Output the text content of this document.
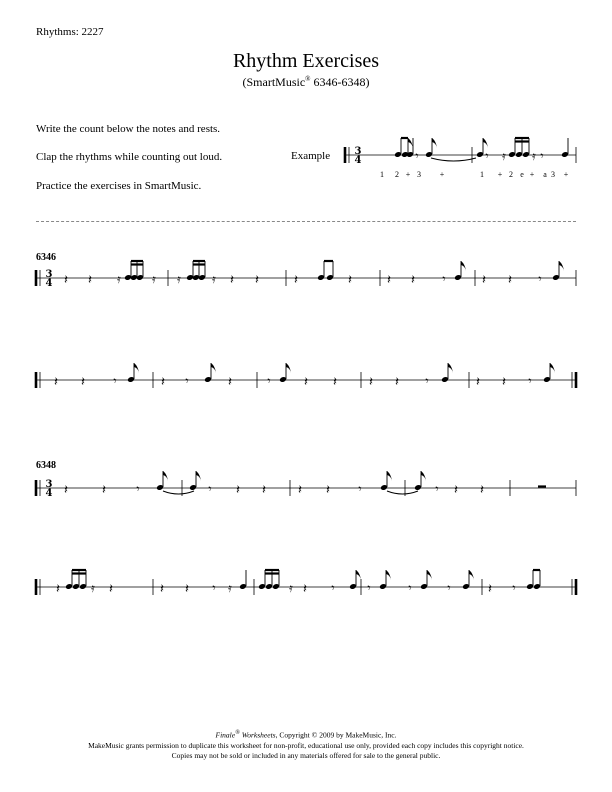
Rhythms: 2227
Rhythm Exercises
(SmartMusic® 6346-6348)
Write the count below the notes and rests.
Clap the rhythms while counting out loud.
Practice the exercises in SmartMusic.
Example
6346
6348
3
4	𝄾	𝄾 𝄿 𝄿 𝄾
1 2 + 3 +	1 + 2 e + a 3 +
3
4 𝄽 𝄽 𝄿	𝄿 𝄿	𝄿 𝄽 𝄽	𝄽	𝄽	𝄽 𝄽 𝄾	𝄽 𝄽 𝄾
𝄽 𝄽 𝄾	𝄽 𝄾	𝄽	𝄾	𝄽 𝄽 𝄽 𝄽 𝄾	𝄽 𝄽 𝄾
3
4 𝄽	𝄽	𝄾	𝄾 𝄽 𝄽 𝄽 𝄽 𝄾	𝄾 𝄽 𝄽
𝄽	𝄿 𝄽	𝄽 𝄽 𝄾 𝄿	𝄿 𝄽 𝄾	𝄾	𝄾	𝄾	𝄽 𝄾
Finale® Worksheets, Copyright © 2009 by MakeMusic, Inc.
MakeMusic grants permission to duplicate this worksheet for non-profit, educational use only, provided each copy includes this copyright notice.
Copies may not be sold or included in any materials offered for sale to the general public.
